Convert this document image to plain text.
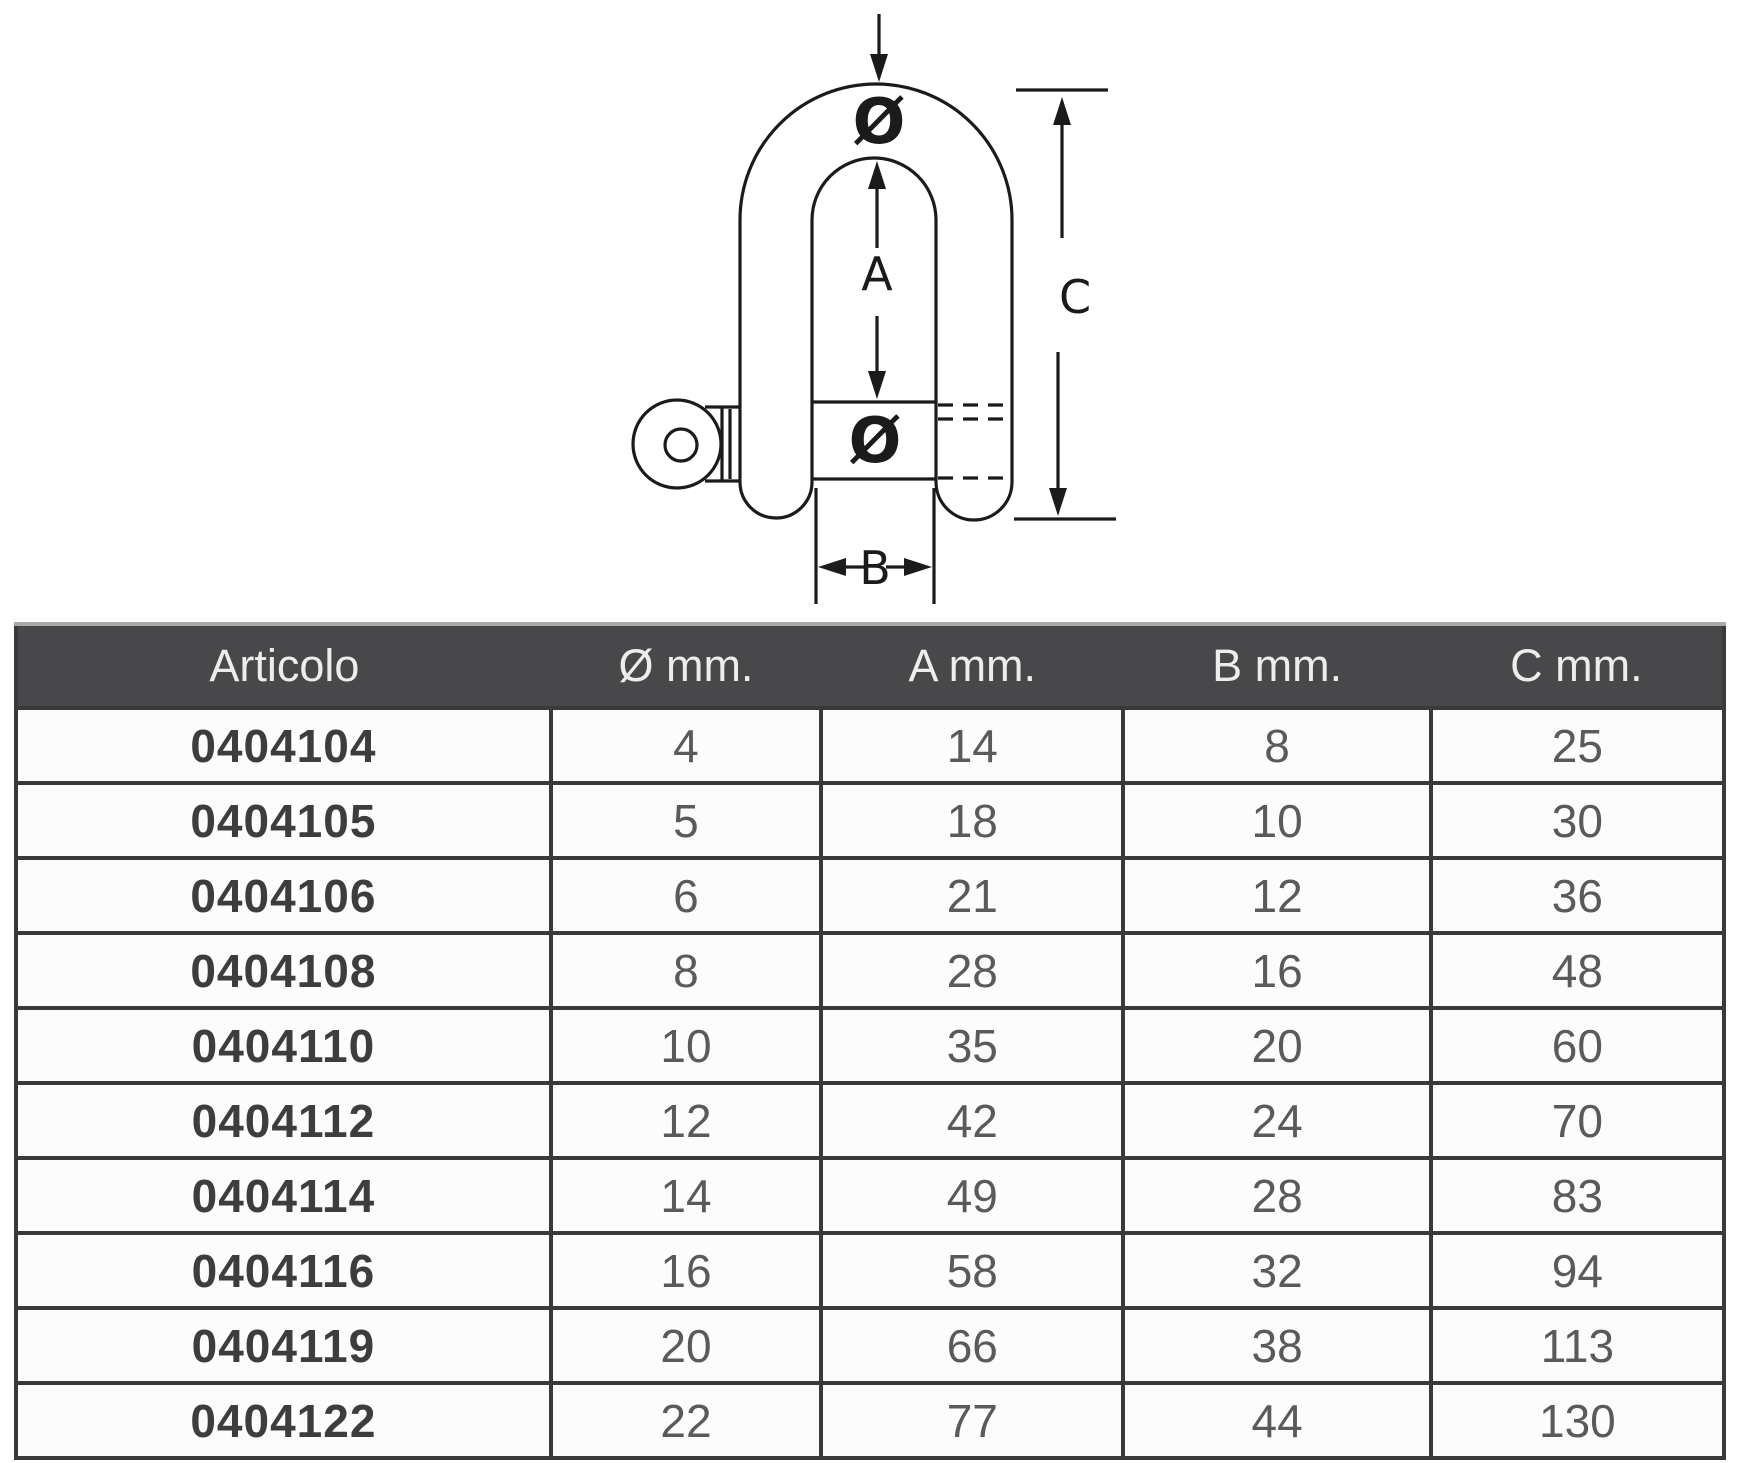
Ø
A
Ø
C
B
Articolo	Ø mm.	A mm.	B mm.	C mm.
0404104	4	14	8	25
0404105	5	18	10	30
0404106	6	21	12	36
0404108	8	28	16	48
0404110	10	35	20	60
0404112	12	42	24	70
0404114	14	49	28	83
0404116	16	58	32	94
0404119	20	66	38	113
0404122	22	77	44	130
